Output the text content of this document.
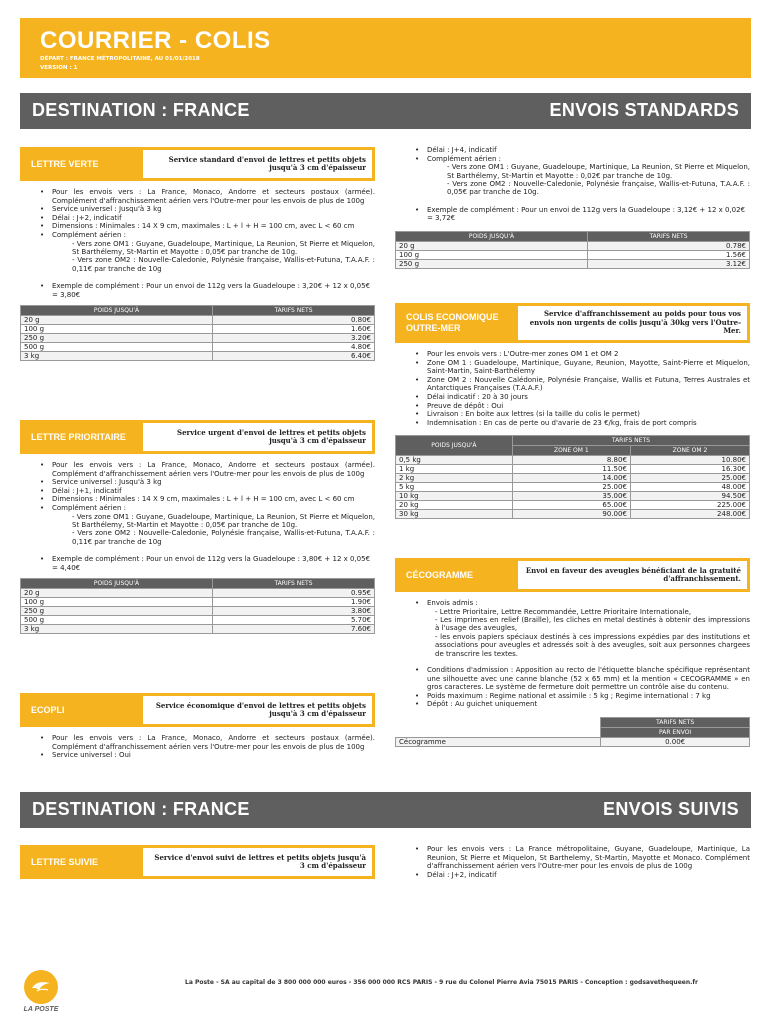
COURRIER - COLIS
DÉPART : FRANCE MÉTROPOLITAINE, AU 01/01/2018
VERSION : 1
DESTINATION : FRANCE	ENVOIS STANDARDS
LETTRE VERTE	Service standard d'envoi de lettres et petits objets jusqu'à 3 cm d'épaisseur
• Pour les envois vers : La France, Monaco, Andorre et secteurs postaux (armée). Complément d'affranchissement aérien vers l'Outre-mer pour les envois de plus de 100g
• Service universel : Jusqu'à 3 kg
• Délai : J+2, indicatif
• Dimensions : Minimales : 14 X 9 cm, maximales : L + l + H = 100 cm, avec L < 60 cm
• Complément aérien :
- Vers zone OM1 : Guyane, Guadeloupe, Martinique, La Reunion, St Pierre et Miquelon, St Barthélemy, St-Martin et Mayotte : 0,05€ par tranche de 10g.
- Vers zone OM2 : Nouvelle-Caledonie, Polynésie française, Wallis-et-Futuna, T.A.A.F. : 0,11€ par tranche de 10g
•	Exemple de complément : Pour un envoi de 112g vers la Guadeloupe : 3,20€ + 12 x 0,05€ = 3,80€
POIDS JUSQU'À	TARIFS NETS
20 g	0.80€
100 g	1.60€
250 g	3.20€
500 g	4.80€
3 kg	6.40€
LETTRE PRIORITAIRE	Service urgent d'envoi de lettres et petits objets jusqu'à 3 cm d'épaisseur
• Pour les envois vers : La France, Monaco, Andorre et secteurs postaux (armée). Complément d'affranchissement aérien vers l'Outre-mer pour les envois de plus de 100g
• Service universel : Jusqu'à 3 kg
• Délai : J+1, indicatif
• Dimensions : Minimales : 14 X 9 cm, maximales : L + l + H = 100 cm, avec L < 60 cm
• Complément aérien :
- Vers zone OM1 : Guyane, Guadeloupe, Martinique, La Reunion, St Pierre et Miquelon, St Barthélemy, St-Martin et Mayotte : 0,05€ par tranche de 10g.
- Vers zone OM2 : Nouvelle-Caledonie, Polynésie française, Wallis-et-Futuna, T.A.A.F. : 0,11€ par tranche de 10g
•	Exemple de complément : Pour un envoi de 112g vers la Guadeloupe : 3,80€ + 12 x 0,05€ = 4,40€
POIDS JUSQU'À	TARIFS NETS
20 g	0.95€
100 g	1.90€
250 g	3.80€
500 g	5.70€
3 kg	7.60€
ECOPLI	Service économique d'envoi de lettres et petits objets jusqu'à 3 cm d'épaisseur
• Pour les envois vers : La France, Monaco, Andorre et secteurs postaux (armée). Complément d'affranchissement aérien vers l'Outre-mer pour les envois de plus de 100g
• Service universel : Oui
• Délai : J+4, indicatif
• Complément aérien :
- Vers zone OM1 : Guyane, Guadeloupe, Martinique, La Reunion, St Pierre et Miquelon, St Barthélemy, St-Martin et Mayotte : 0,02€ par tranche de 10g.
- Vers zone OM2 : Nouvelle-Caledonie, Polynésie française, Wallis-et-Futuna, T.A.A.F. : 0,05€ par tranche de 10g.
•	Exemple de complément : Pour un envoi de 112g vers la Guadeloupe : 3,12€ + 12 x 0,02€ = 3,72€
POIDS JUSQU'À	TARIFS NETS
20 g	0.78€
100 g	1.56€
250 g	3.12€
COLIS ECONOMIQUE OUTRE-MER
Service d'affranchissement au poids pour tous vos envois non urgents de colis jusqu'à 30kg vers l'Outre-Mer.
• Pour les envois vers : L'Outre-mer zones OM 1 et OM 2
• Zone OM 1 : Guadeloupe, Martinique, Guyane, Reunion, Mayotte, Saint-Pierre et Miquelon, Saint-Martin, Saint-Barthélemy
• Zone OM 2 : Nouvelle Calédonie, Polynésie Française, Wallis et Futuna, Terres Australes et Antarctiques Françaises (T.A.A.F.)
• Délai indicatif : 20 à 30 jours
• Preuve de dépôt : Oui
• Livraison : En boite aux lettres (si la taille du colis le permet)
• Indemnisation : En cas de perte ou d'avarie de 23 €/kg, frais de port compris
POIDS JUSQU'À	TARIFS NETS	
	ZONE OM 1	ZONE OM 2
0,5 kg	8.80€	10.80€
1 kg	11.50€	16.30€
2 kg	14.00€	25.00€
5 kg	25.00€	48.00€
10 kg	35.00€	94.50€
20 kg	65.00€	225.00€
30 kg	90.00€	248.00€
CÉCOGRAMME	Envoi en faveur des aveugles bénéficiant de la gratuité d'affranchissement.
• Envois admis :
- Lettre Prioritaire, Lettre Recommandée, Lettre Prioritaire Internationale,
- Les imprimes en relief (Braille), les cliches en metal destinés à obtenir des impressions à l'usage des aveugles,
- les envois papiers spéciaux destinés à ces impressions expédies par des institutions et associations pour aveugles et adressés soit à des aveugles, soit aux personnes chargees de transcrire les textes.
• Conditions d'admission : Apposition au recto de l'étiquette blanche spécifique représentant une silhouette avec une canne blanche (52 x 65 mm) et la mention « CECOGRAMME » en gros caracteres. Le système de fermeture doit permettre un contrôle aise du contenu.
• Poids maximum : Regime national et assimile : 5 kg ; Regime international : 7 kg
• Dépôt : Au guichet uniquement
	TARIFS NETS
	PAR ENVOI
Cécogramme	0.00€
DESTINATION : FRANCE	ENVOIS SUIVIS
LETTRE SUIVIE	Service d'envoi suivi de lettres et petits objets jusqu'à 3 cm d'épaisseur
• Pour les envois vers : La France métropolitaine, Guyane, Guadeloupe, Martinique, La Reunion, St Pierre et Miquelon, St Barthelemy, St-Martin, Mayotte et Monaco. Complément d'affranchissement aérien vers l'Outre-mer pour les envois de plus de 100g
• Délai : J+2, indicatif
LA POSTE
La Poste - SA au capital de 3 800 000 000 euros - 356 000 000 RCS PARIS - 9 rue du Colonel Pierre Avia 75015 PARIS - Conception : godsavethequeen.fr
